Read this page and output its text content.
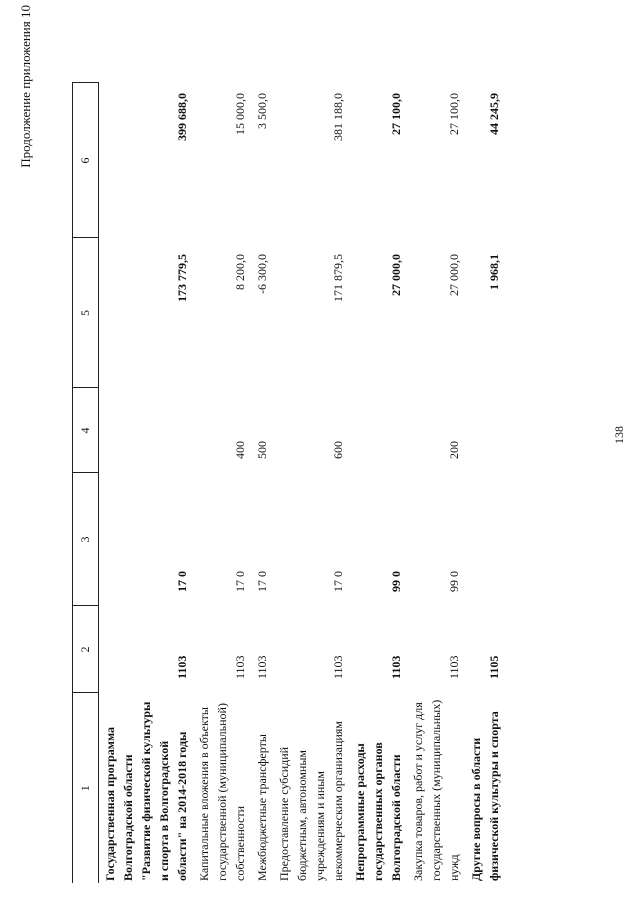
138
Продолжение приложения 10
1	2	3	4	5	6
Государственная программа Волгоградской области "Развитие физической культуры и спорта в Волгоградской области" на 2014-2018 годы	1103	17 0		173 779,5	399 688,0
Капитальные вложения в объекты государственной (муниципальной) собственности	1103	17 0	400	8 200,0	15 000,0
Межбюджетные трансферты	1103	17 0	500	-6 300,0	3 500,0
Предоставление субсидий бюджетным, автономным учреждениям и иным некоммерческим организациям	1103	17 0	600	171 879,5	381 188,0
Непрограммные расходы государственных органов Волгоградской области	1103	99 0		27 000,0	27 100,0
Закупка товаров, работ и услуг для государственных (муниципальных) нужд	1103	99 0	200	27 000,0	27 100,0
Другие вопросы в области физической культуры и спорта	1105			1 968,1	44 245,9
